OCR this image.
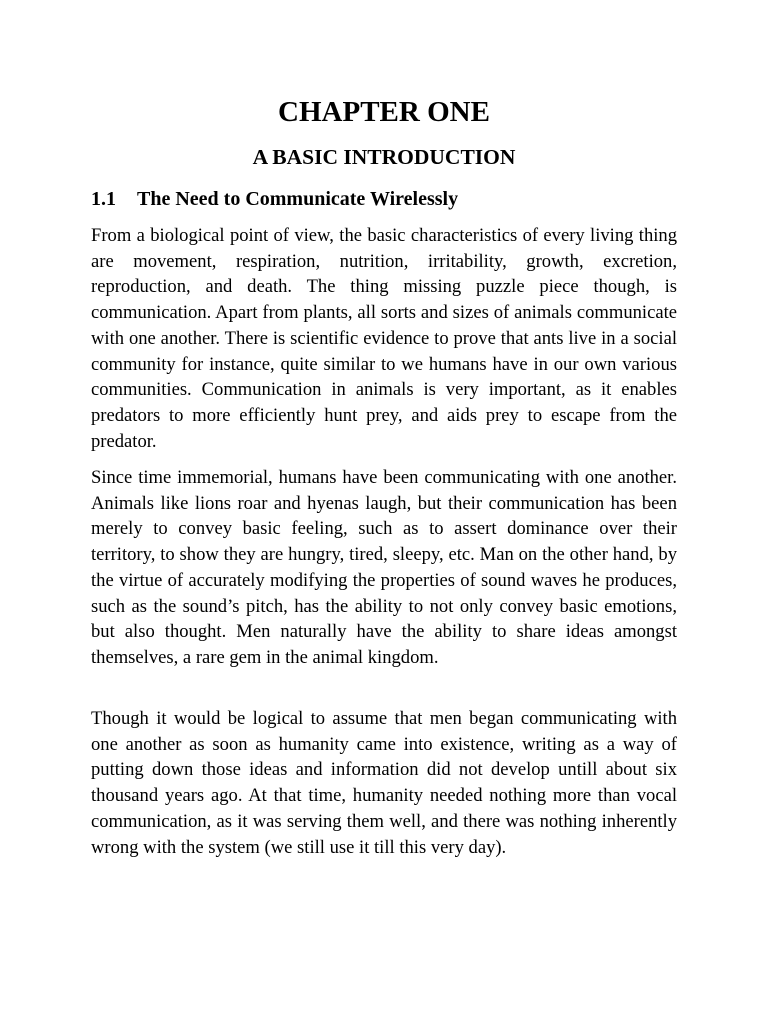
CHAPTER ONE
A BASIC INTRODUCTION
1.1 The Need to Communicate Wirelessly

From a biological point of view, the basic characteristics of every living thing are movement, respiration, nutrition, irritability, growth, excretion, reproduction, and death. The thing missing puzzle piece though, is communication. Apart from plants, all sorts and sizes of animals communicate with one another. There is scientific evidence to prove that ants live in a social community for instance, quite similar to we humans have in our own various communities. Communication in animals is very important, as it enables predators to more efficiently hunt prey, and aids prey to escape from the predator.

Since time immemorial, humans have been communicating with one another. Animals like lions roar and hyenas laugh, but their communication has been merely to convey basic feeling, such as to assert dominance over their territory, to show they are hungry, tired, sleepy, etc. Man on the other hand, by the virtue of accurately modifying the properties of sound waves he produces, such as the sound’s pitch, has the ability to not only convey basic emotions, but also thought. Men naturally have the ability to share ideas amongst themselves, a rare gem in the animal kingdom.

Though it would be logical to assume that men began communicating with one another as soon as humanity came into existence, writing as a way of putting down those ideas and information did not develop untill about six thousand years ago. At that time, humanity needed nothing more than vocal communication, as it was serving them well, and there was nothing inherently wrong with the system (we still use it till this very day).
